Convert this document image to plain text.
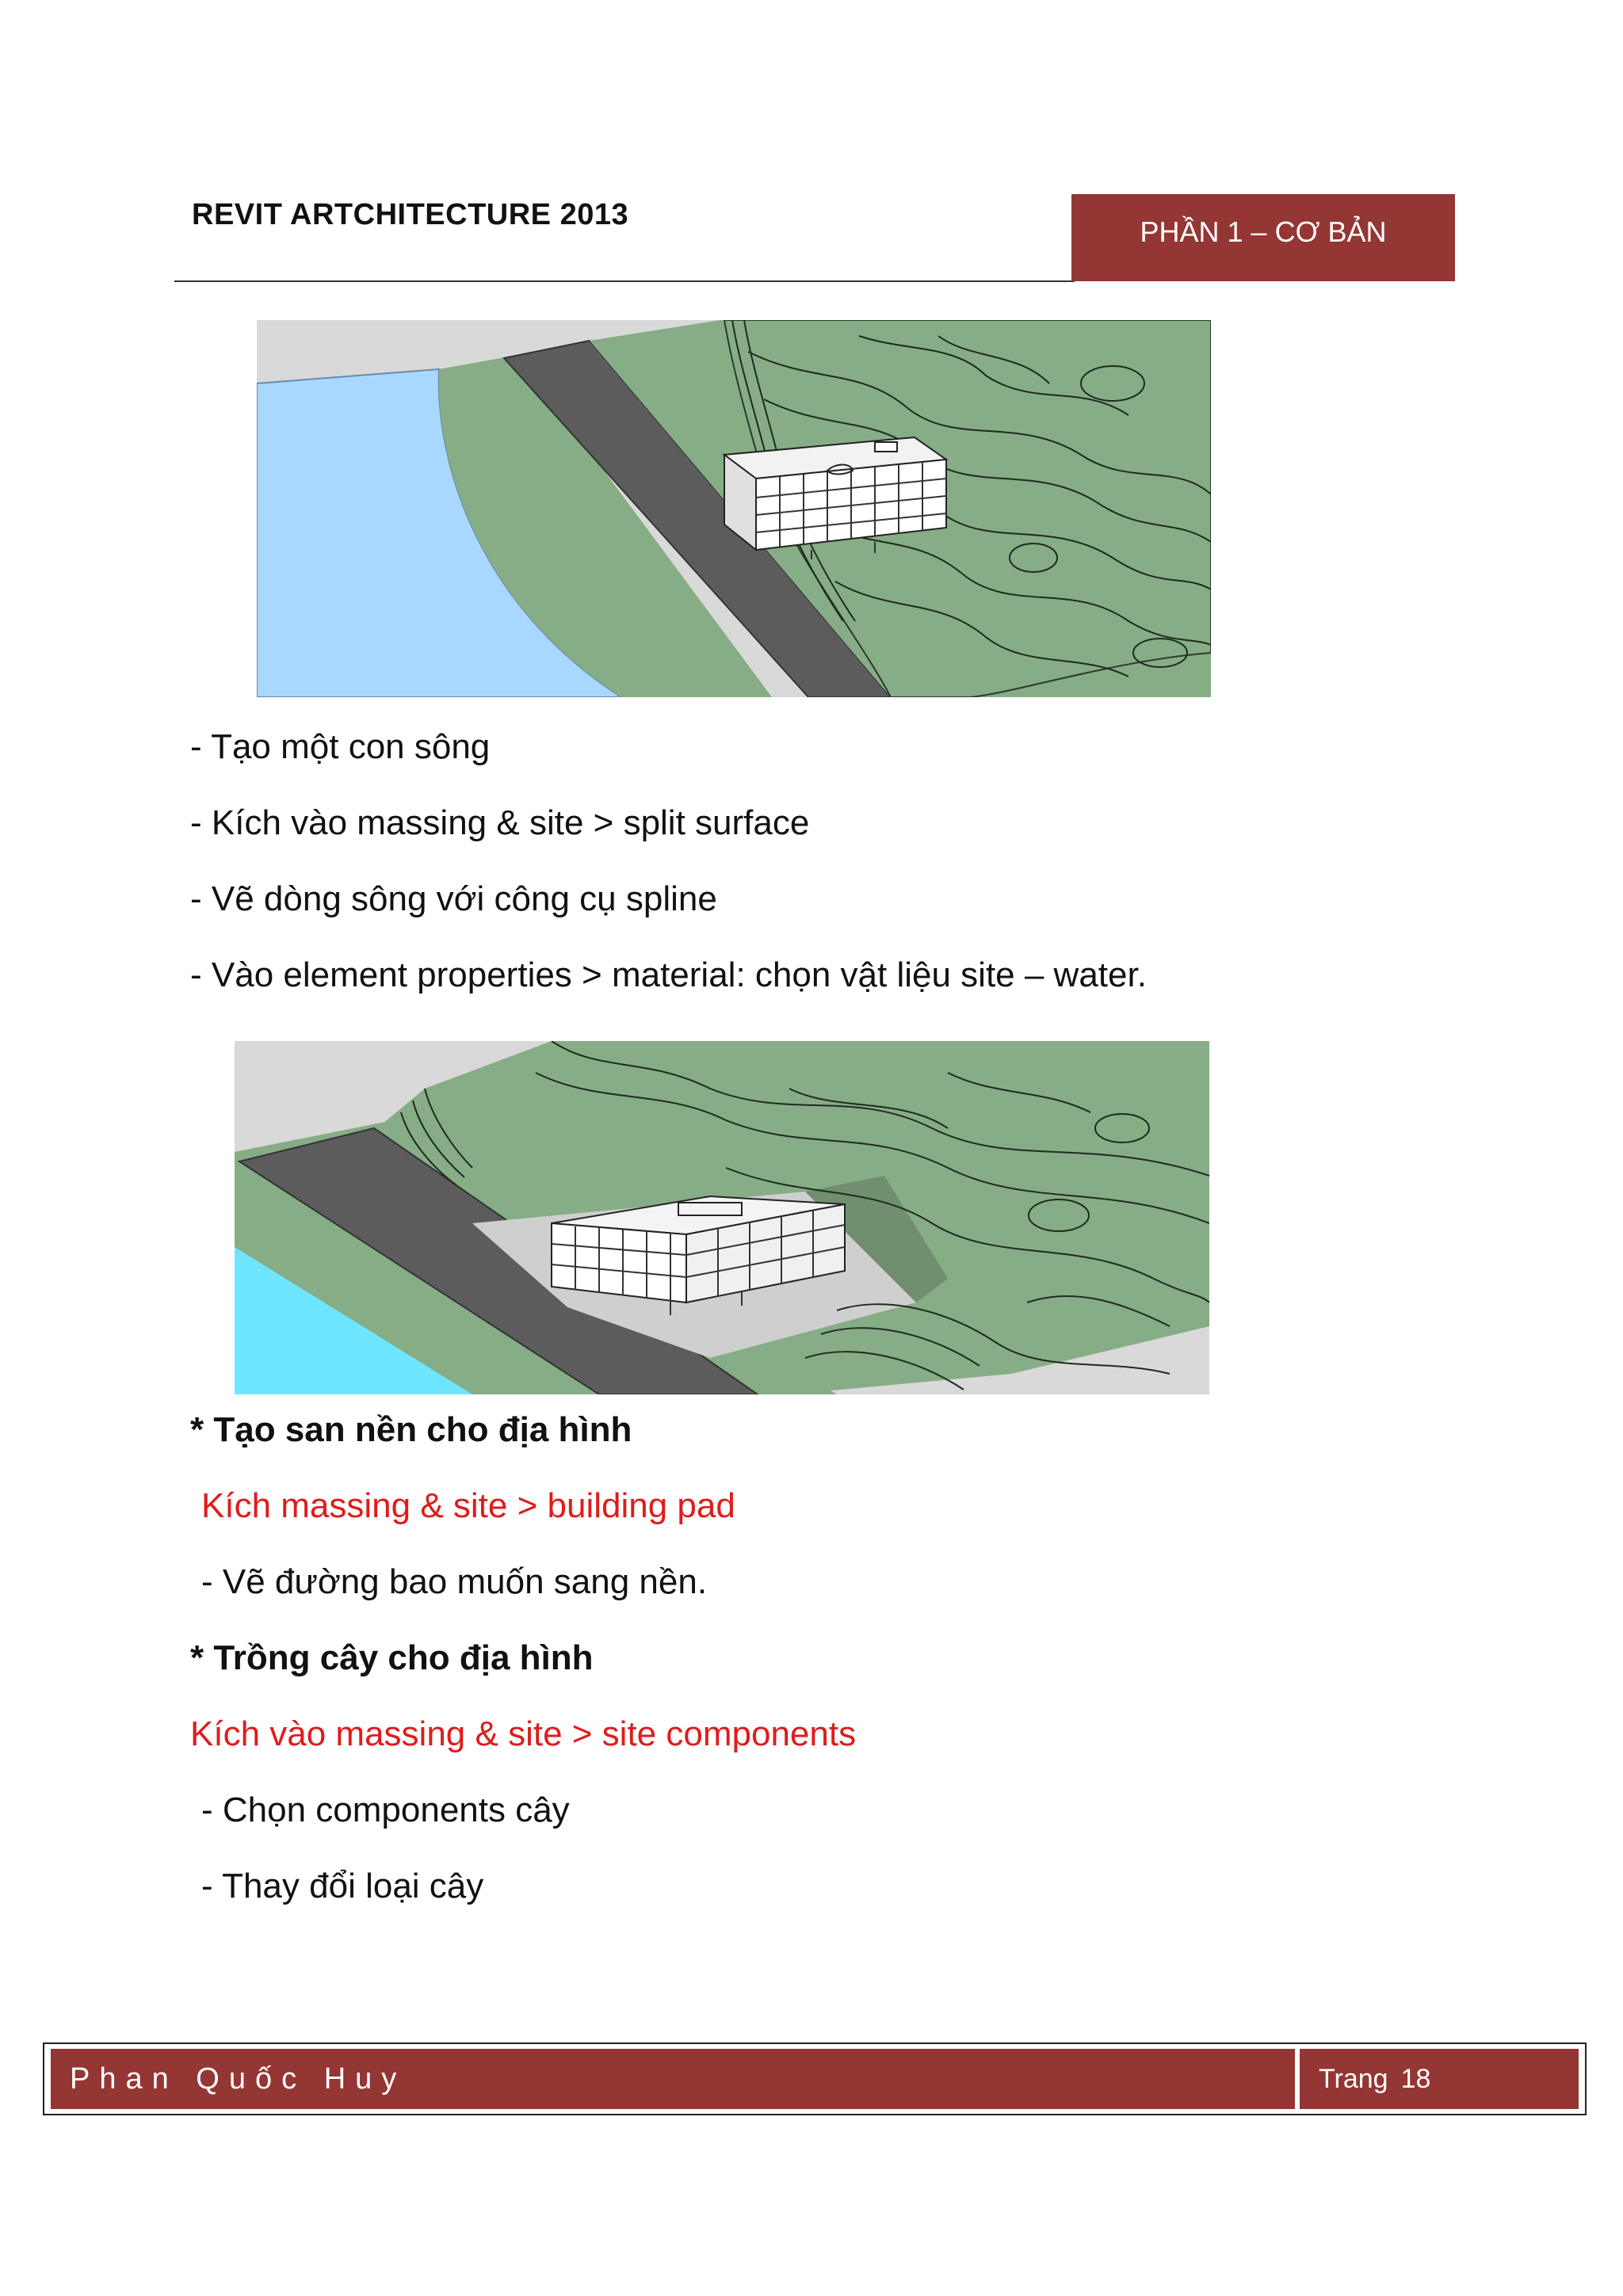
REVIT ARTCHITECTURE 2013
PHẦN 1 – CƠ BẢN
- Tạo một con sông
- Kích vào massing & site > split surface
- Vẽ dòng sông với công cụ spline
- Vào element properties > material: chọn vật liệu site – water.
* Tạo san nền cho địa hình
Kích massing & site > building pad
- Vẽ đường bao muốn sang nền.
* Trồng cây cho địa hình
Kích vào massing & site > site components
- Chọn components cây
- Thay đổi loại cây
Phan Quốc Huy	Trang 18
